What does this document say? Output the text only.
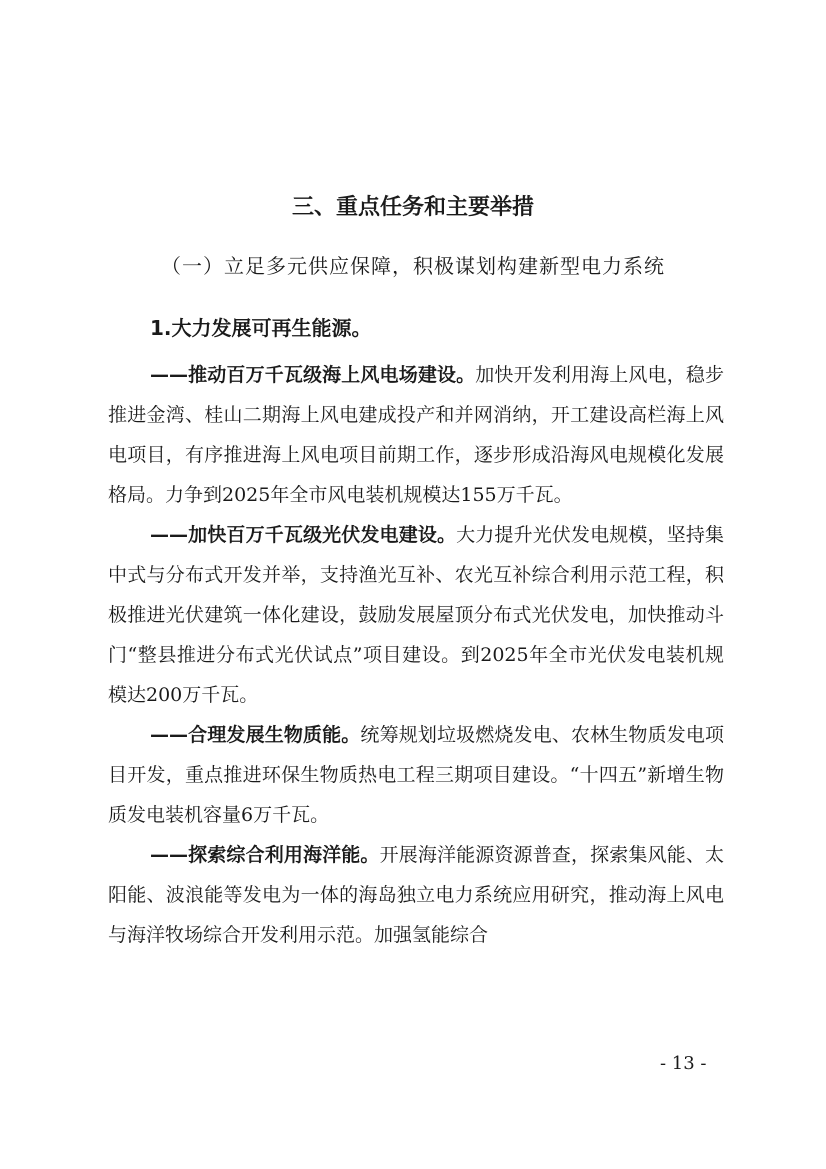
三、重点任务和主要举措
（一）立足多元供应保障，积极谋划构建新型电力系统
1.大力发展可再生能源。

——推动百万千瓦级海上风电场建设。加快开发利用海上风电，稳步推进金湾、桂山二期海上风电建成投产和并网消纳，开工建设高栏海上风电项目，有序推进海上风电项目前期工作，逐步形成沿海风电规模化发展格局。力争到2025年全市风电装机规模达155万千瓦。

——加快百万千瓦级光伏发电建设。大力提升光伏发电规模，坚持集中式与分布式开发并举，支持渔光互补、农光互补综合利用示范工程，积极推进光伏建筑一体化建设，鼓励发展屋顶分布式光伏发电，加快推动斗门“整县推进分布式光伏试点”项目建设。到2025年全市光伏发电装机规模达200万千瓦。

——合理发展生物质能。统筹规划垃圾燃烧发电、农林生物质发电项目开发，重点推进环保生物质热电工程三期项目建设。“十四五”新增生物质发电装机容量6万千瓦。

——探索综合利用海洋能。开展海洋能源资源普查，探索集风能、太阳能、波浪能等发电为一体的海岛独立电力系统应用研究，推动海上风电与海洋牧场综合开发利用示范。加强氢能综合

- 13 -
